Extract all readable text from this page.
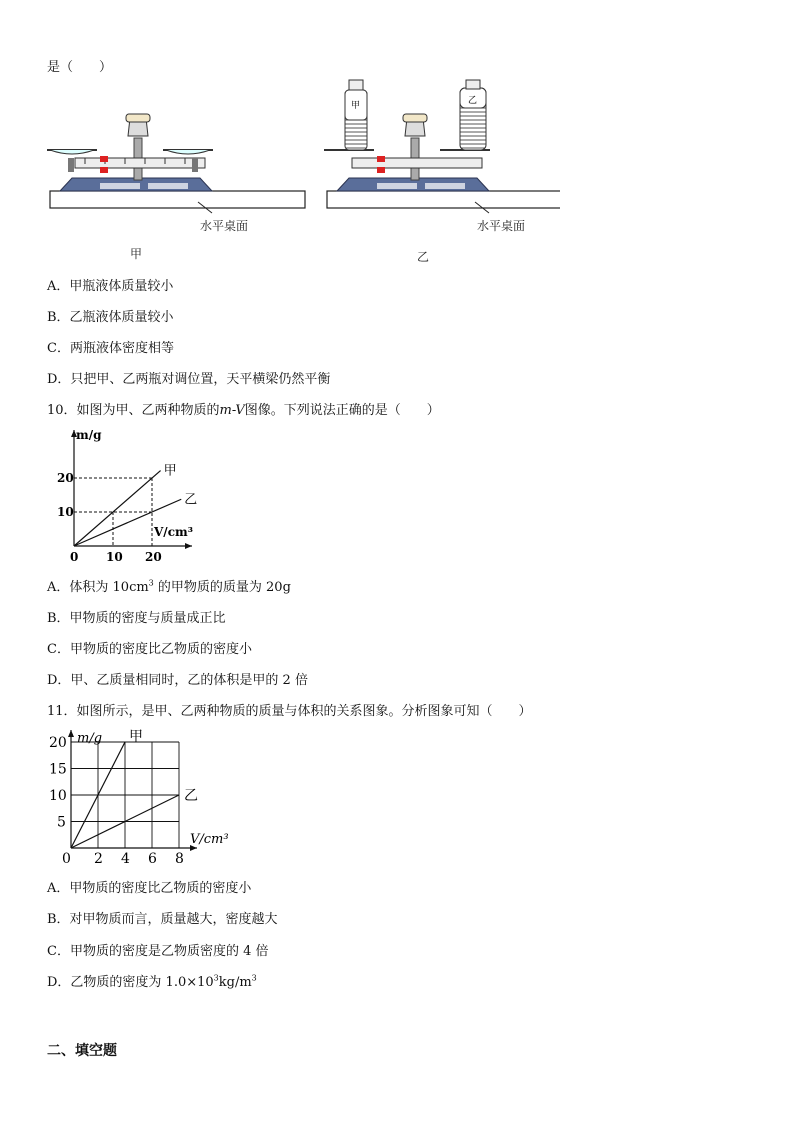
是（　　）
水平桌面
甲
甲	乙
水平桌面
乙
A．甲瓶液体质量较小
B．乙瓶液体质量较小
C．两瓶液体密度相等
D．只把甲、乙两瓶对调位置，天平横梁仍然平衡
10．如图为甲、乙两种物质的m-V图像。下列说法正确的是（　　）
m/g
V/cm³
0 10 20
10
20	甲
乙
A．体积为 $10cm^3$ 的甲物质的质量为 20g
B．甲物质的密度与质量成正比
C．甲物质的密度比乙物质的密度小
D．甲、乙质量相同时，乙的体积是甲的 2 倍
11．如图所示，是甲、乙两种物质的质量与体积的关系图象。分析图象可知（　　）
m/g
V/cm³
0 2 4 6 8
5
10
15
20	甲
乙
A．甲物质的密度比乙物质的密度小
B．对甲物质而言，质量越大，密度越大
C．甲物质的密度是乙物质密度的 4 倍
D．乙物质的密度为 $1.0\times 10^3kg/m^3$
二、填空题
